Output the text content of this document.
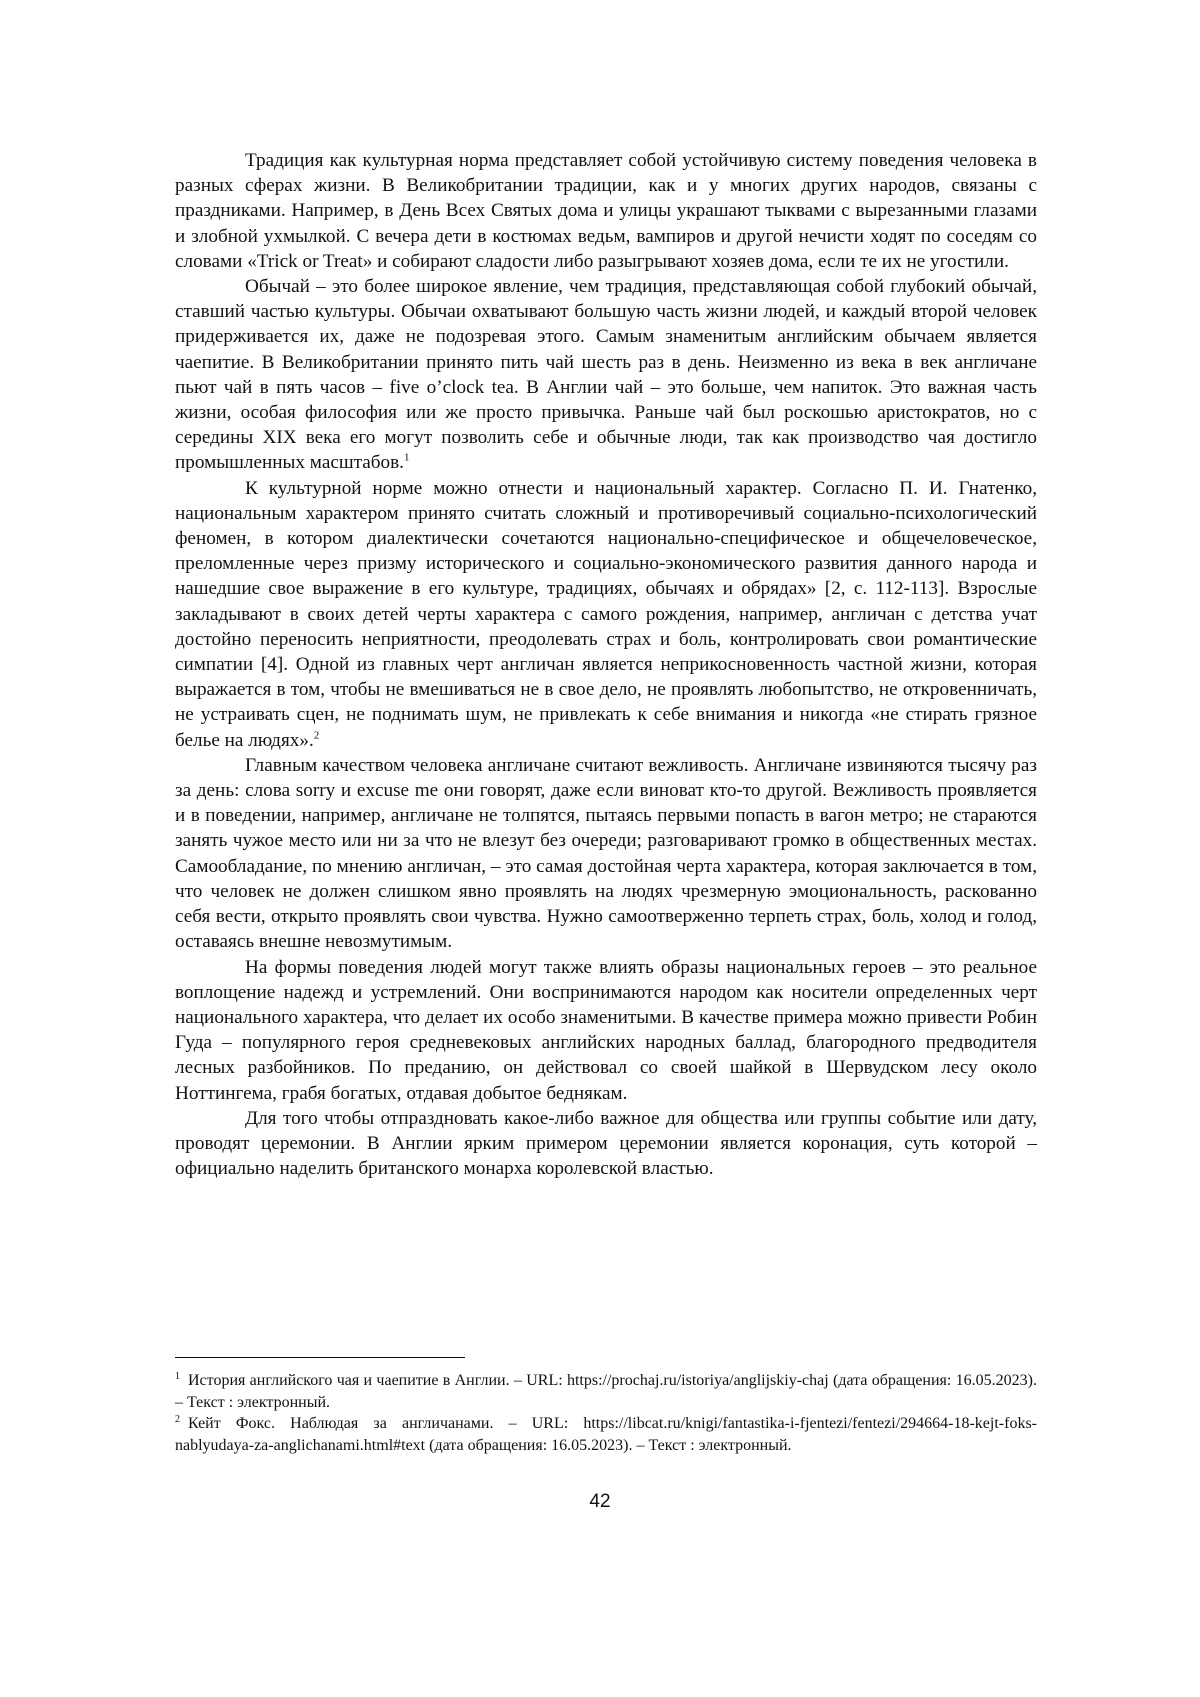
Традиция как культурная норма представляет собой устойчивую систему поведения человека в разных сферах жизни. В Великобритании традиции, как и у многих других народов, связаны с праздниками. Например, в День Всех Святых дома и улицы украшают тыквами с вырезанными глазами и злобной ухмылкой. С вечера дети в костюмах ведьм, вампиров и другой нечисти ходят по соседям со словами «Trick or Treat» и собирают сладости либо разыгрывают хозяев дома, если те их не угостили.

Обычай – это более широкое явление, чем традиция, представляющая собой глубокий обычай, ставший частью культуры. Обычаи охватывают большую часть жизни людей, и каждый второй человек придерживается их, даже не подозревая этого. Самым знаменитым английским обычаем является чаепитие. В Великобритании принято пить чай шесть раз в день. Неизменно из века в век англичане пьют чай в пять часов – five o’clock tea. В Англии чай – это больше, чем напиток. Это важная часть жизни, особая философия или же просто привычка. Раньше чай был роскошью аристократов, но с середины XIX века его могут позволить себе и обычные люди, так как производство чая достигло промышленных масштабов.$^1$

К культурной норме можно отнести и национальный характер. Согласно П. И. Гнатенко, национальным характером принято считать сложный и противоречивый социально-психологический феномен, в котором диалектически сочетаются национально-специфическое и общечеловеческое, преломленные через призму исторического и социально-экономического развития данного народа и нашедшие свое выражение в его культуре, традициях, обычаях и обрядах» [2, с. 112-113]. Взрослые закладывают в своих детей черты характера с самого рождения, например, англичан с детства учат достойно переносить неприятности, преодолевать страх и боль, контролировать свои романтические симпатии [4]. Одной из главных черт англичан является неприкосновенность частной жизни, которая выражается в том, чтобы не вмешиваться не в свое дело, не проявлять любопытство, не откровенничать, не устраивать сцен, не поднимать шум, не привлекать к себе внимания и никогда «не стирать грязное белье на людях».$^2$

Главным качеством человека англичане считают вежливость. Англичане извиняются тысячу раз за день: слова sorry и excuse me они говорят, даже если виноват кто-то другой. Вежливость проявляется и в поведении, например, англичане не толпятся, пытаясь первыми попасть в вагон метро; не стараются занять чужое место или ни за что не влезут без очереди; разговаривают громко в общественных местах. Самообладание, по мнению англичан, – это самая достойная черта характера, которая заключается в том, что человек не должен слишком явно проявлять на людях чрезмерную эмоциональность, раскованно себя вести, открыто проявлять свои чувства. Нужно самоотверженно терпеть страх, боль, холод и голод, оставаясь внешне невозмутимым.

На формы поведения людей могут также влиять образы национальных героев – это реальное воплощение надежд и устремлений. Они воспринимаются народом как носители определенных черт национального характера, что делает их особо знаменитыми. В качестве примера можно привести Робин Гуда – популярного героя средневековых английских народных баллад, благородного предводителя лесных разбойников. По преданию, он действовал со своей шайкой в Шервудском лесу около Ноттингема, грабя богатых, отдавая добытое беднякам.

Для того чтобы отпраздновать какое-либо важное для общества или группы событие или дату, проводят церемонии. В Англии ярким примером церемонии является коронация, суть которой – официально наделить британского монарха королевской властью.

$^1$ История английского чая и чаепитие в Англии. – URL: https://prochaj.ru/istoriya/anglijskiy-chaj (дата обращения: 16.05.2023). – Текст : электронный.

$^2$ Кейт Фокс. Наблюдая за англичанами. – URL: https://libcat.ru/knigi/fantastika-i-fjentezi/fentezi/294664-18-kejt-foks-nablyudaya-za-anglichanami.html#text (дата обращения: 16.05.2023). – Текст : электронный.

42
